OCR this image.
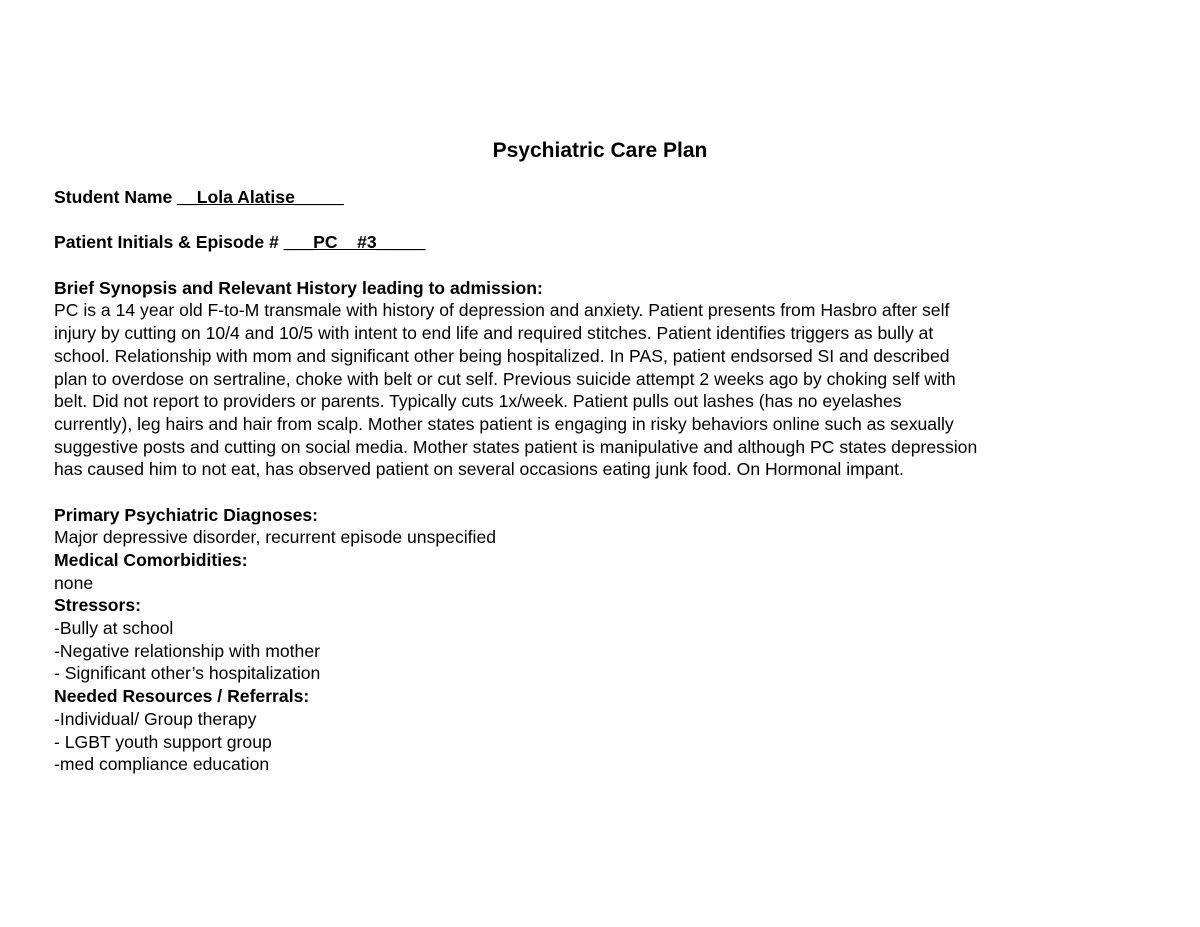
Psychiatric Care Plan

Student Name __Lola Alatise_____

Patient Initials & Episode # ___PC    #3_____

Brief Synopsis and Relevant History leading to admission:

PC is a 14 year old F-to-M transmale with history of depression and anxiety. Patient presents from Hasbro after self

injury by cutting on 10/4 and 10/5 with intent to end life and required stitches. Patient identifies triggers as bully at

school. Relationship with mom and significant other being hospitalized. In PAS, patient endsorsed SI and described

plan to overdose on sertraline, choke with belt or cut self. Previous suicide attempt 2 weeks ago by choking self with

belt. Did not report to providers or parents. Typically cuts 1x/week. Patient pulls out lashes (has no eyelashes

currently), leg hairs and hair from scalp. Mother states patient is engaging in risky behaviors online such as sexually

suggestive posts and cutting on social media. Mother states patient is manipulative and although PC states depression

has caused him to not eat, has observed patient on several occasions eating junk food. On Hormonal impant.

Primary Psychiatric Diagnoses:

Major depressive disorder, recurrent episode unspecified

Medical Comorbidities:

none

Stressors:

-Bully at school

-Negative relationship with mother

- Significant other’s hospitalization

Needed Resources / Referrals:

-Individual/ Group therapy

- LGBT youth support group

-med compliance education
